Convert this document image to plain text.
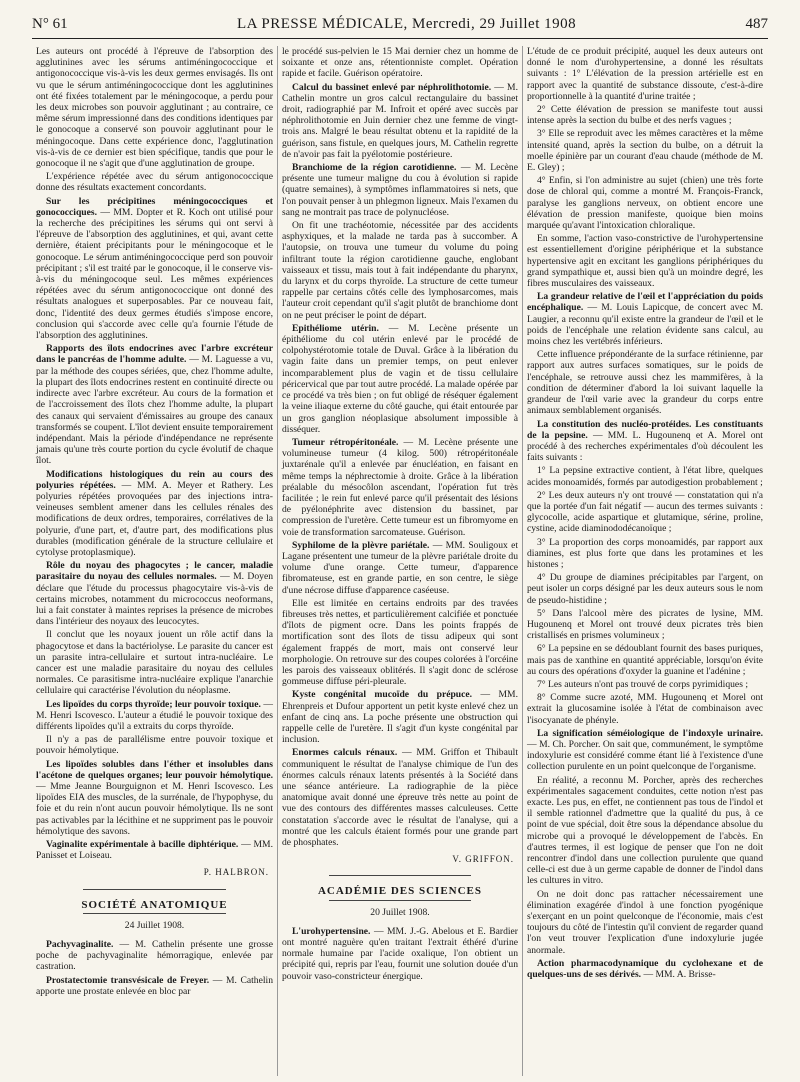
N° 61	LA PRESSE MÉDICALE, Mercredi, 29 Juillet 1908	487

Les auteurs ont procédé à l'épreuve de l'absorption des agglutinines avec les sérums antiméningococcique et antigonococcique vis-à-vis les deux germes envisagés. Ils ont vu que le sérum antiméningococcique dont les agglutinines ont été fixées totalement par le méningocoque, a perdu pour les deux microbes son pouvoir agglutinant ; au contraire, ce même sérum impressionné dans des conditions identiques par le gonocoque a conservé son pouvoir agglutinant pour le méningocoque. Dans cette expérience donc, l'agglutination vis-à-vis de ce dernier est bien spécifique, tandis que pour le gonocoque il ne s'agit que d'une agglutination de groupe.

L'expérience répétée avec du sérum antigonococcique donne des résultats exactement concordants.

Sur les précipitines méningococciques et gonococciques. — MM. Dopter et R. Koch ont utilisé pour la recherche des précipitines les sérums qui ont servi à l'épreuve de l'absorption des agglutinines, et qui, avant cette dernière, étaient précipitants pour le méningocoque et le gonocoque. Le sérum antiméningococcique perd son pouvoir précipitant ; s'il est traité par le gonocoque, il le conserve vis-à-vis du méningocoque seul. Les mêmes expériences répétées avec du sérum antigonococcique ont donné des résultats analogues et superposables. Par ce nouveau fait, donc, l'identité des deux germes étudiés s'impose encore, conclusion qui s'accorde avec celle qu'a fournie l'étude de l'absorption des agglutinines.

Rapports des îlots endocrines avec l'arbre excréteur dans le pancréas de l'homme adulte. — M. Laguesse a vu, par la méthode des coupes sériées, que, chez l'homme adulte, la plupart des îlots endocrines restent en continuité directe ou indirecte avec l'arbre excréteur. Au cours de la formation et de l'accroissement des îlots chez l'homme adulte, la plupart des canaux qui servaient d'émissaires au groupe des canaux transformés se coupent. L'îlot devient ensuite temporairement indépendant. Mais la période d'indépendance ne représente jamais qu'une très courte portion du cycle évolutif de chaque îlot.

Modifications histologiques du rein au cours des polyuries répétées. — MM. A. Meyer et Rathery. Les polyuries répétées provoquées par des injections intra-veineuses semblent amener dans les cellules rénales des modifications de deux ordres, temporaires, corrélatives de la polyurie, d'une part, et, d'autre part, des modifications plus durables (modification générale de la structure cellulaire et cytolyse protoplasmique).

Rôle du noyau des phagocytes ; le cancer, maladie parasitaire du noyau des cellules normales. — M. Doyen déclare que l'étude du processus phagocytaire vis-à-vis de certains microbes, notamment du micrococcus neoformans, lui a fait constater à maintes reprises la présence de microbes dans l'intérieur des noyaux des leucocytes.

Il conclut que les noyaux jouent un rôle actif dans la phagocytose et dans la bactériolyse. Le parasite du cancer est un parasite intra-cellulaire et surtout intra-nucléaire. Le cancer est une maladie parasitaire du noyau des cellules normales. Ce parasitisme intra-nucléaire explique l'anarchie cellulaire qui caractérise l'évolution du néoplasme.

Les lipoïdes du corps thyroïde; leur pouvoir toxique. — M. Henri Iscovesco. L'auteur a étudié le pouvoir toxique des différents lipoïdes qu'il a extraits du corps thyroïde.

Il n'y a pas de parallélisme entre pouvoir toxique et pouvoir hémolytique.

Les lipoïdes solubles dans l'éther et insolubles dans l'acétone de quelques organes; leur pouvoir hémolytique. — Mme Jeanne Bourguignon et M. Henri Iscovesco. Les lipoïdes EIA des muscles, de la surrénale, de l'hypophyse, du foie et du rein n'ont aucun pouvoir hémolytique. Ils ne sont pas activables par la lécithine et ne suppriment pas le pouvoir hémolytique des savons.

Vaginalite expérimentale à bacille diphtérique. — MM. Panisset et Loiseau.

P. HALBRON.
SOCIÉTÉ ANATOMIQUE
24 Juillet 1908.

Pachyvaginalite. — M. Cathelin présente une grosse poche de pachyvaginalite hémorragique, enlevée par castration.

Prostatectomie transvésicale de Freyer. — M. Cathelin apporte une prostate enlevée en bloc par

le procédé sus-pelvien le 15 Mai dernier chez un homme de soixante et onze ans, rétentionniste complet. Opération rapide et facile. Guérison opératoire.

Calcul du bassinet enlevé par néphrolithotomie. — M. Cathelin montre un gros calcul rectangulaire du bassinet droit, radiographié par M. Infroit et opéré avec succès par néphrolithotomie en Juin dernier chez une femme de vingt-trois ans. Malgré le beau résultat obtenu et la rapidité de la guérison, sans fistule, en quelques jours, M. Cathelin regrette de n'avoir pas fait la pyélotomie postérieure.

Branchiome de la région carotidienne. — M. Lecène présente une tumeur maligne du cou à évolution si rapide (quatre semaines), à symptômes inflammatoires si nets, que l'on pouvait penser à un phlegmon ligneux. Mais l'examen du sang ne montrait pas trace de polynucléose.

On fit une trachéotomie, nécessitée par des accidents asphyxiques, et la malade ne tarda pas à succomber. A l'autopsie, on trouva une tumeur du volume du poing infiltrant toute la région carotidienne gauche, englobant vaisseaux et tissu, mais tout à fait indépendante du pharynx, du larynx et du corps thyroïde. La structure de cette tumeur rappelle par certains côtés celle des lymphosarcomes, mais l'auteur croit cependant qu'il s'agit plutôt de branchiome dont on ne peut préciser le point de départ.

Epithéliome utérin. — M. Lecène présente un épithéliome du col utérin enlevé par le procédé de colpohystérotomie totale de Duval. Grâce à la libération du vagin faite dans un premier temps, on peut enlever incomparablement plus de vagin et de tissu cellulaire péricervical que par tout autre procédé. La malade opérée par ce procédé va très bien ; on fut obligé de réséquer également la veine iliaque externe du côté gauche, qui était entourée par un gros ganglion néoplasique absolument impossible à disséquer.

Tumeur rétropéritonéale. — M. Lecène présente une volumineuse tumeur (4 kilog. 500) rétropéritonéale juxtarénale qu'il a enlevée par énucléation, en faisant en même temps la néphrectomie à droite. Grâce à la libération préalable du mésocôlon ascendant, l'opération fut très facilitée ; le rein fut enlevé parce qu'il présentait des lésions de pyélonéphrite avec distension du bassinet, par compression de l'uretère. Cette tumeur est un fibromyome en voie de transformation sarcomateuse. Guérison.

Syphilome de la plèvre pariétale. — MM. Souligoux et Lagane présentent une tumeur de la plèvre pariétale droite du volume d'une orange. Cette tumeur, d'apparence fibromateuse, est en grande partie, en son centre, le siège d'une nécrose diffuse d'apparence caséeuse.

Elle est limitée en certains endroits par des travées fibreuses très nettes, et particulièrement calcifiée et ponctuée d'îlots de pigment ocre. Dans les points frappés de mortification sont des îlots de tissu adipeux qui sont également frappés de mort, mais ont conservé leur morphologie. On retrouve sur des coupes colorées à l'orcéine les parois des vaisseaux oblitérés. Il s'agit donc de sclérose gommeuse diffuse péri-pleurale.

Kyste congénital mucoïde du prépuce. — MM. Ehrenpreis et Dufour apportent un petit kyste enlevé chez un enfant de cinq ans. La poche présente une obstruction qui rappelle celle de l'uretère. Il s'agit d'un kyste congénital par inclusion.

Enormes calculs rénaux. — MM. Griffon et Thibault communiquent le résultat de l'analyse chimique de l'un des énormes calculs rénaux latents présentés à la Société dans une séance antérieure. La radiographie de la pièce anatomique avait donné une épreuve très nette au point de vue des contours des différentes masses calculeuses. Cette constatation s'accorde avec le résultat de l'analyse, qui a montré que les calculs étaient formés pour une grande part de phosphates.

V. GRIFFON.
ACADÉMIE DES SCIENCES
20 Juillet 1908.

L'urohypertensine. — MM. J.-G. Abelous et E. Bardier ont montré naguère qu'en traitant l'extrait éthéré d'urine normale humaine par l'acide oxalique, l'on obtient un précipité qui, repris par l'eau, fournit une solution douée d'un pouvoir vaso-constricteur énergique.

L'étude de ce produit précipité, auquel les deux auteurs ont donné le nom d'urohypertensine, a donné les résultats suivants : 1° L'élévation de la pression artérielle est en rapport avec la quantité de substance dissoute, c'est-à-dire proportionnelle à la quantité d'urine traitée ;

2° Cette élévation de pression se manifeste tout aussi intense après la section du bulbe et des nerfs vagues ;

3° Elle se reproduit avec les mêmes caractères et la même intensité quand, après la section du bulbe, on a détruit la moelle épinière par un courant d'eau chaude (méthode de M. E. Gley) ;

4° Enfin, si l'on administre au sujet (chien) une très forte dose de chloral qui, comme a montré M. François-Franck, paralyse les ganglions nerveux, on obtient encore une élévation de pression manifeste, quoique bien moins marquée qu'avant l'intoxication chloralique.

En somme, l'action vaso-constrictive de l'urohypertensine est essentiellement d'origine périphérique et la substance hypertensive agit en excitant les ganglions périphériques du grand sympathique et, aussi bien qu'à un moindre degré, les fibres musculaires des vaisseaux.

La grandeur relative de l'œil et l'appréciation du poids encéphalique. — M. Louis Lapicque, de concert avec M. Laugier, a reconnu qu'il existe entre la grandeur de l'œil et le poids de l'encéphale une relation évidente sans calcul, au moins chez les vertébrés inférieurs.

Cette influence prépondérante de la surface rétinienne, par rapport aux autres surfaces somatiques, sur le poids de l'encéphale, se retrouve aussi chez les mammifères, à la condition de déterminer d'abord la loi suivant laquelle la grandeur de l'œil varie avec la grandeur du corps entre animaux semblablement organisés.

La constitution des nucléo-protéides. Les constituants de la pepsine. — MM. L. Hugounenq et A. Morel ont procédé à des recherches expérimentales d'où découlent les faits suivants :

1° La pepsine extractive contient, à l'état libre, quelques acides monoamidés, formés par autodigestion probablement ;

2° Les deux auteurs n'y ont trouvé — constatation qui n'a que la portée d'un fait négatif — aucun des termes suivants : glycocolle, acide aspartique et glutamique, sérine, proline, cystine, acide diaminododécanoïque ;

3° La proportion des corps monoamidés, par rapport aux diamines, est plus forte que dans les protamines et les histones ;

4° Du groupe de diamines précipitables par l'argent, on peut isoler un corps désigné par les deux auteurs sous le nom de pseudo-histidine ;

5° Dans l'alcool mère des picrates de lysine, MM. Hugounenq et Morel ont trouvé deux picrates très bien cristallisés en prismes volumineux ;

6° La pepsine en se dédoublant fournit des bases puriques, mais pas de xanthine en quantité appréciable, lorsqu'on évite au cours des opérations d'oxyder la guanine et l'adénine ;

7° Les auteurs n'ont pas trouvé de corps pyrimidiques ;

8° Comme sucre azoté, MM. Hugounenq et Morel ont extrait la glucosamine isolée à l'état de combinaison avec l'isocyanate de phényle.

La signification séméiologique de l'indoxyle urinaire. — M. Ch. Porcher. On sait que, communément, le symptôme indoxylurie est considéré comme étant lié à l'existence d'une collection purulente en un point quelconque de l'organisme.

En réalité, a reconnu M. Porcher, après des recherches expérimentales sagacement conduites, cette notion n'est pas exacte. Les pus, en effet, ne contiennent pas tous de l'indol et il semble rationnel d'admettre que la qualité du pus, à ce point de vue spécial, doit être sous la dépendance absolue du microbe qui a provoqué le développement de l'abcès. En d'autres termes, il est logique de penser que l'on ne doit rencontrer d'indol dans une collection purulente que quand celle-ci est due à un germe capable de donner de l'indol dans les cultures in vitro.

On ne doit donc pas rattacher nécessairement une élimination exagérée d'indol à une fonction pyogénique s'exerçant en un point quelconque de l'économie, mais c'est toujours du côté de l'intestin qu'il convient de regarder quand l'on veut trouver l'explication d'une indoxylurie jugée anormale.

Action pharmacodynamique du cyclohexane et de quelques-uns de ses dérivés. — MM. A. Brisse-
